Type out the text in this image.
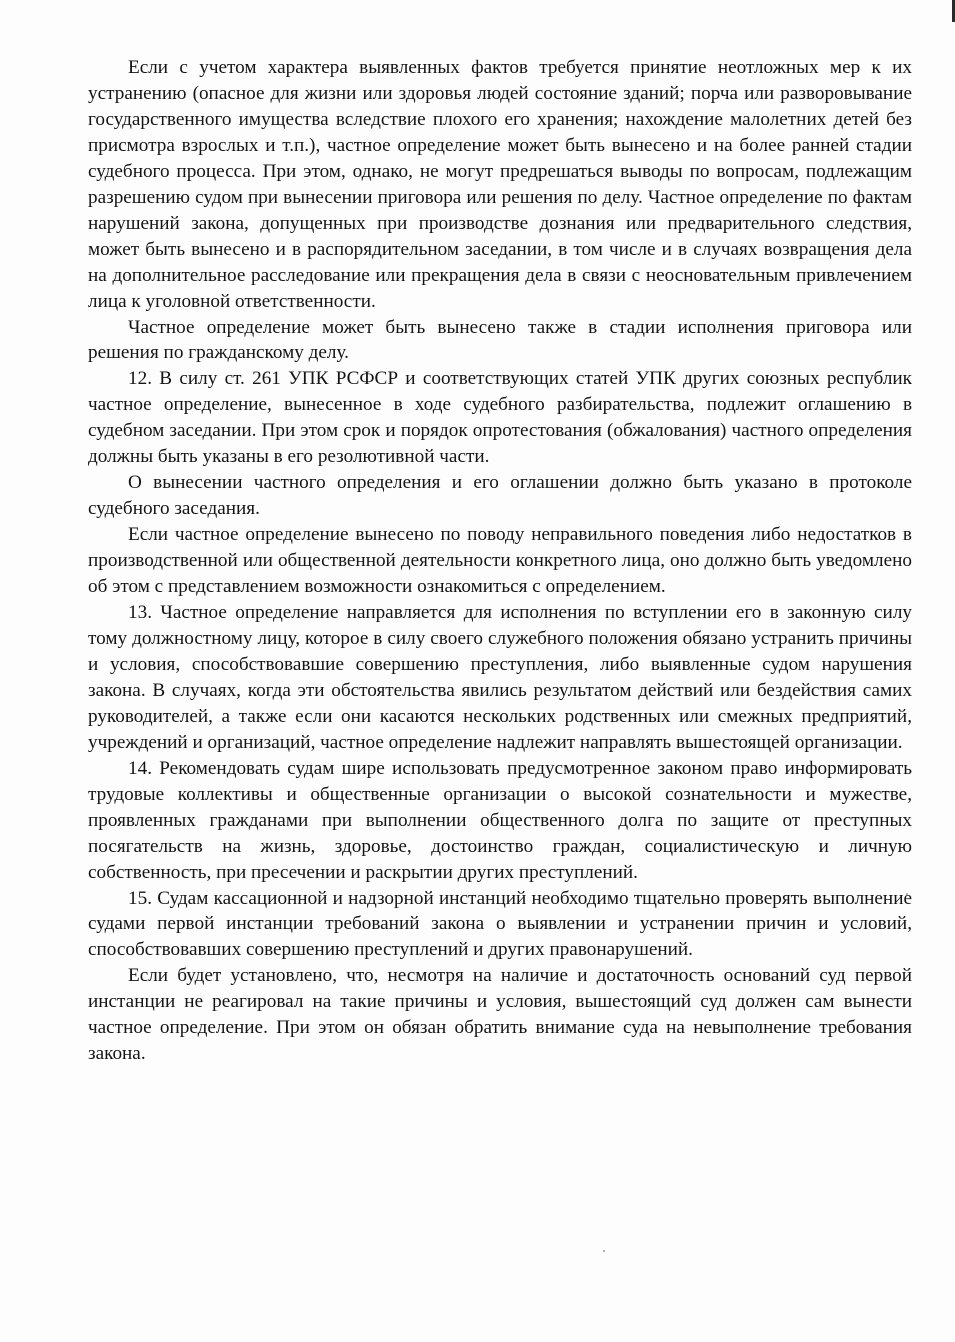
Если с учетом характера выявленных фактов требуется принятие неотложных мер к их устранению (опасное для жизни или здоровья людей состояние зданий; порча или разворовывание государственного имущества вследствие плохого его хранения; нахождение малолетних детей без присмотра взрослых и т.п.), частное определение может быть вынесено и на более ранней стадии судебного процесса. При этом, однако, не могут предрешаться выводы по вопросам, подлежащим разрешению судом при вынесении приговора или решения по делу. Частное определение по фактам нарушений закона, допущенных при производстве дознания или предварительного следствия, может быть вынесено и в распорядительном заседании, в том числе и в случаях возвращения дела на дополнительное расследование или прекращения дела в связи с неосновательным привлечением лица к уголовной ответственности.

Частное определение может быть вынесено также в стадии исполнения приговора или решения по гражданскому делу.

12. В силу ст. 261 УПК РСФСР и соответствующих статей УПК других союзных республик частное определение, вынесенное в ходе судебного разбирательства, подлежит оглашению в судебном заседании. При этом срок и порядок опротестования (обжалования) частного определения должны быть указаны в его резолютивной части.

О вынесении частного определения и его оглашении должно быть указано в протоколе судебного заседания.

Если частное определение вынесено по поводу неправильного поведения либо недостатков в производственной или общественной деятельности конкретного лица, оно должно быть уведомлено об этом с представлением возможности ознакомиться с определением.

13. Частное определение направляется для исполнения по вступлении его в законную силу тому должностному лицу, которое в силу своего служебного положения обязано устранить причины и условия, способствовавшие совершению преступления, либо выявленные судом нарушения закона. В случаях, когда эти обстоятельства явились результатом действий или бездействия самих руководителей, а также если они касаются нескольких родственных или смежных предприятий, учреждений и организаций, частное определение надлежит направлять вышестоящей организации.

14. Рекомендовать судам шире использовать предусмотренное законом право информировать трудовые коллективы и общественные организации о высокой сознательности и мужестве, проявленных гражданами при выполнении общественного долга по защите от преступных посягательств на жизнь, здоровье, достоинство граждан, социалистическую и личную собственность, при пресечении и раскрытии других преступлений.

15. Судам кассационной и надзорной инстанций необходимо тщательно проверять выполнение судами первой инстанции требований закона о выявлении и устранении причин и условий, способствовавших совершению преступлений и других правонарушений.

Если будет установлено, что, несмотря на наличие и достаточность оснований суд первой инстанции не реагировал на такие причины и условия, вышестоящий суд должен сам вынести частное определение. При этом он обязан обратить внимание суда на невыполнение требования закона.
